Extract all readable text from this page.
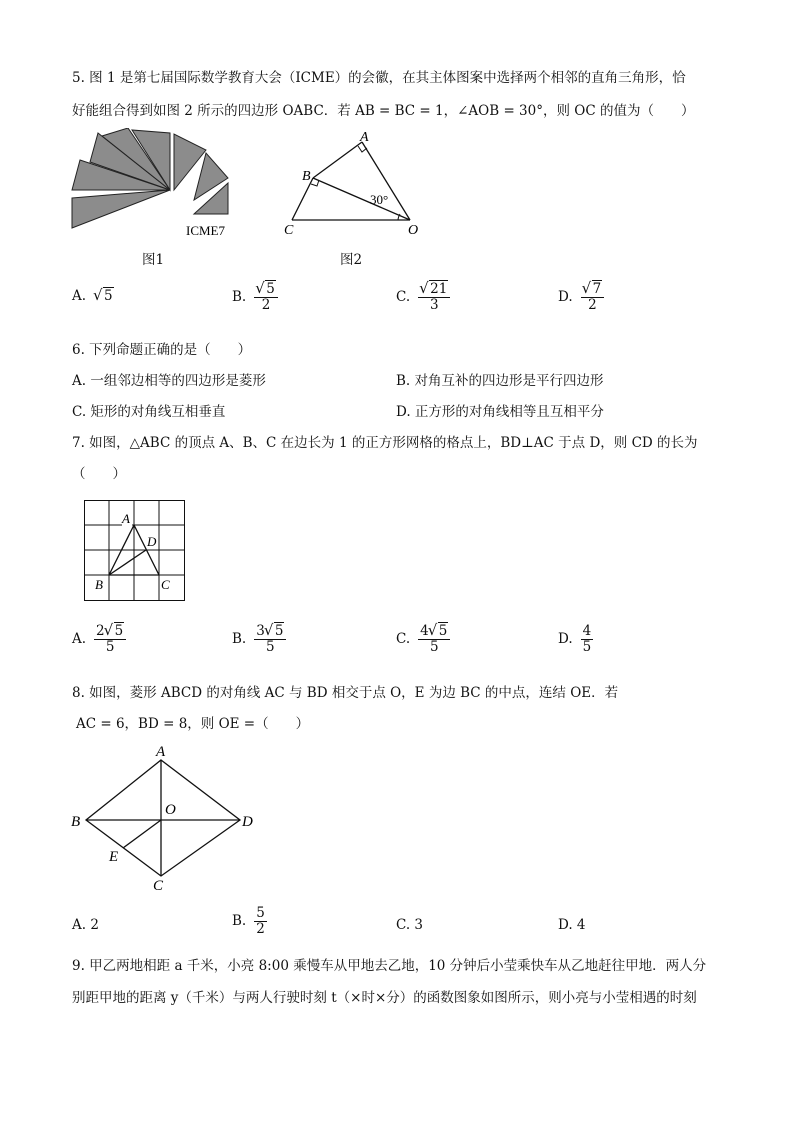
5. 图 1 是第七届国际数学教育大会（ICME）的会徽，在其主体图案中选择两个相邻的直角三角形，恰
好能组合得到如图 2 所示的四边形 OABC．若 AB = BC = 1，∠AOB = 30°，则 OC 的值为（　　）
ICME7
图1
A
B
C	O
30°
图2
A.	√ 5	B. √ $\frac{5}{2}$	C. √ $\frac{21}{3}$	D. √ $\frac{7}{2}$
6. 下列命题正确的是（　　）
A. 一组邻边相等的四边形是菱形	B. 对角互补的四边形是平行四边形
C. 矩形的对角线互相垂直	D. 正方形的对角线相等且互相平分
7. 如图，△ABC 的顶点 A、B、C 在边长为 1 的正方形网格的格点上，BD⊥AC 于点 D，则 CD 的长为
（　　）
A
D
B	C
A. $\frac{2 √ 5}{5}$	B. $\frac{3 √ 5}{5}$	C. $\frac{4 √ 5}{5}$	D. $\frac{4}{5}$
8. 如图，菱形 ABCD 的对角线 AC 与 BD 相交于点 O，E 为边 BC 的中点，连结 OE．若
AC = 6，BD = 8，则 OE =（　　）
A
B	D
O
E
C
A. 2	B. $\frac{5}{2}$	C. 3	D. 4
9. 甲乙两地相距 a 千米，小亮 8:00 乘慢车从甲地去乙地，10 分钟后小莹乘快车从乙地赶往甲地．两人分
别距甲地的距离 y（千米）与两人行驶时刻 t（×时×分）的函数图象如图所示，则小亮与小莹相遇的时刻
